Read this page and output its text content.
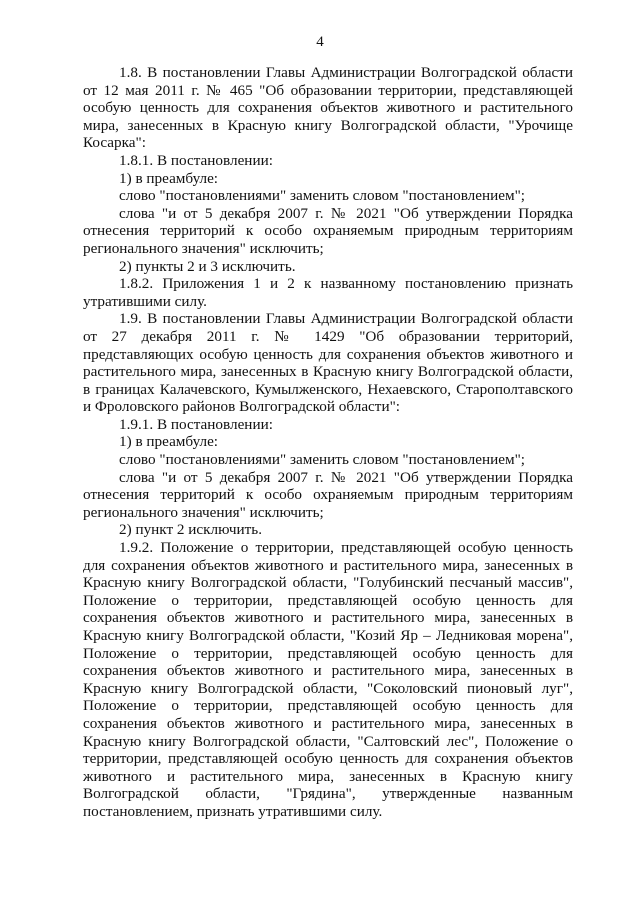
4

1.8. В постановлении Главы Администрации Волгоградской области от 12 мая 2011 г. № 465 "Об образовании территории, представляющей особую ценность для сохранения объектов животного и растительного мира, занесенных в Красную книгу Волгоградской области, "Урочище Косарка":

1.8.1. В постановлении:

1) в преамбуле:

слово "постановлениями" заменить словом "постановлением";

слова "и от 5 декабря 2007 г. № 2021 "Об утверждении Порядка отнесения территорий к особо охраняемым природным территориям регионального значения" исключить;

2) пункты 2 и 3 исключить.

1.8.2. Приложения 1 и 2 к названному постановлению признать утратившими силу.

1.9. В постановлении Главы Администрации Волгоградской области от 27 декабря 2011 г. № 1429 "Об образовании территорий, представляющих особую ценность для сохранения объектов животного и растительного мира, занесенных в Красную книгу Волгоградской области, в границах Калачевского, Кумылженского, Нехаевского, Старополтавского и Фроловского районов Волгоградской области":

1.9.1. В постановлении:

1) в преамбуле:

слово "постановлениями" заменить словом "постановлением";

слова "и от 5 декабря 2007 г. № 2021 "Об утверждении Порядка отнесения территорий к особо охраняемым природным территориям регионального значения" исключить;

2) пункт 2 исключить.

1.9.2. Положение о территории, представляющей особую ценность для сохранения объектов животного и растительного мира, занесенных в Красную книгу Волгоградской области, "Голубинский песчаный массив", Положение о территории, представляющей особую ценность для сохранения объектов животного и растительного мира, занесенных в Красную книгу Волгоградской области, "Козий Яр – Ледниковая морена", Положение о территории, представляющей особую ценность для сохранения объектов животного и растительного мира, занесенных в Красную книгу Волгоградской области, "Соколовский пионовый луг", Положение о территории, представляющей особую ценность для сохранения объектов животного и растительного мира, занесенных в Красную книгу Волгоградской области, "Салтовский лес", Положение о территории, представляющей особую ценность для сохранения объектов животного и растительного мира, занесенных в Красную книгу Волгоградской области, "Грядина", утвержденные названным постановлением, признать утратившими силу.
